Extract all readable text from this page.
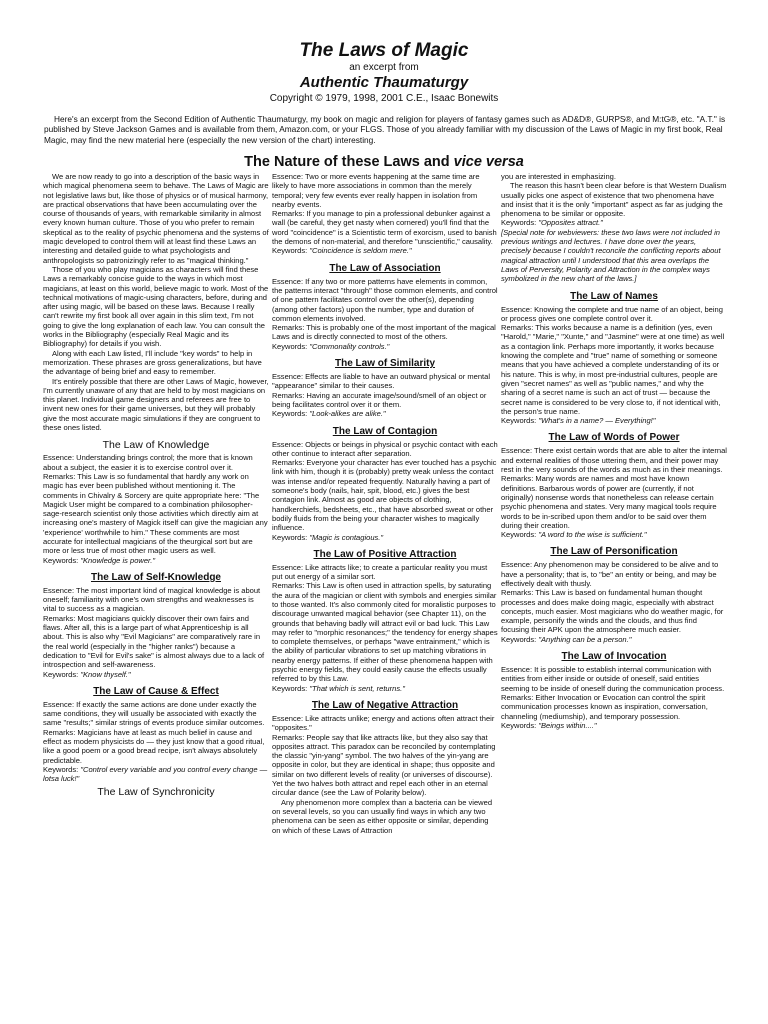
The Laws of Magic
an excerpt from
Authentic Thaumaturgy
Copyright © 1979, 1998, 2001 C.E., Isaac Bonewits

Here's an excerpt from the Second Edition of Authentic Thaumaturgy, my book on magic and religion for players of fantasy games such as AD&D®, GURPS®, and M:tG®, etc. "A.T." is published by Steve Jackson Games and is available from them, Amazon.com, or your FLGS. Those of you already familiar with my discussion of the Laws of Magic in my first book, Real Magic, may find the new material here (especially the new version of the chart) interesting.

The Nature of these Laws and vice versa

We are now ready to go into a description of the basic ways in which magical phenomena seem to behave. The Laws of Magic are not legislative laws but, like those of physics or of musical harmony, are practical observations that have been accumulating over the course of thousands of years, with remarkable similarity in almost every known human culture. Those of you who prefer to remain skeptical as to the reality of psychic phenomena and the systems of magic developed to control them will at least find these Laws an interesting and detailed guide to what psychologists and anthropologists so patronizingly refer to as "magical thinking."

Those of you who play magicians as characters will find these Laws a remarkably concise guide to the ways in which most magicians, at least on this world, believe magic to work. Most of the technical motivations of magic-using characters, before, during and after using magic, will be based on these laws. Because I really can't rewrite my first book all over again in this slim text, I'm not going to give the long explanation of each law. You can consult the works in the Bibliography (especially Real Magic and its Bibliography) for details if you wish.

Along with each Law listed, I'll include "key words" to help in memorization. These phrases are gross generalizations, but have the advantage of being brief and easy to remember.

It's entirely possible that there are other Laws of Magic, however, I'm currently unaware of any that are held to by most magicians on this planet. Individual game designers and referees are free to invent new ones for their game universes, but they will probably give the most accurate magic simulations if they are congruent to these ones listed.

The Law of Knowledge

Essence: Understanding brings control; the more that is known about a subject, the easier it is to exercise control over it.

Remarks: This Law is so fundamental that hardly any work on magic has ever been published without mentioning it. The comments in Chivalry & Sorcery are quite appropriate here: "The Magick User might be compared to a combination philosopher-sage-research scientist only those activities which directly aim at increasing one's mastery of Magick itself can give the magician any 'experience' worthwhile to him." These comments are most accurate for intellectual magicians of the theurgical sort but are more or less true of most other magic users as well.

Keywords: "Knowledge is power."

The Law of Self-Knowledge

Essence: The most important kind of magical knowledge is about oneself; familiarity with one's own strengths and weaknesses is vital to success as a magician.

Remarks: Most magicians quickly discover their own fairs and flaws. After all, this is a large part of what Apprenticeship is all about. This is also why "Evil Magicians" are comparatively rare in the real world (especially in the "higher ranks") because a dedication to "Evil for Evil's sake" is almost always due to a lack of introspection and self-awareness.

Keywords: "Know thyself."

The Law of Cause & Effect

Essence: If exactly the same actions are done under exactly the same conditions, they will usually be associated with exactly the same "results;" similar strings of events produce similar outcomes.

Remarks: Magicians have at least as much belief in cause and effect as modern physicists do — they just know that a good ritual, like a good poem or a good bread recipe, isn't always absolutely predictable.

Keywords: "Control every variable and you control every change — lotsa luck!"

The Law of Synchronicity

Essence: Two or more events happening at the same time are likely to have more associations in common than the merely temporal; very few events ever really happen in isolation from nearby events.

Remarks: If you manage to pin a professional debunker against a wall (be careful, they get nasty when cornered) you'll find that the word "coincidence" is a Scientistic term of exorcism, used to banish the demons of non-material, and therefore "unscientific," causality.

Keywords: "Coincidence is seldom mere."

The Law of Association

Essence: If any two or more patterns have elements in common, the patterns interact "through" those common elements, and control of one pattern facilitates control over the other(s), depending (among other factors) upon the number, type and duration of common elements involved.

Remarks: This is probably one of the most important of the magical Laws and is directly connected to most of the others.

Keywords: "Commonality controls."

The Law of Similarity

Essence: Effects are liable to have an outward physical or mental "appearance" similar to their causes.

Remarks: Having an accurate image/sound/smell of an object or being facilitates control over it or them.

Keywords: "Look-alikes are alike."

The Law of Contagion

Essence: Objects or beings in physical or psychic contact with each other continue to interact after separation.

Remarks: Everyone your character has ever touched has a psychic link with him, though it is (probably) pretty weak unless the contact was intense and/or repeated frequently. Naturally having a part of someone's body (nails, hair, spit, blood, etc.) gives the best contagion link. Almost as good are objects of clothing, handkerchiefs, bedsheets, etc., that have absorbed sweat or other bodily fluids from the being your character wishes to magically influence.

Keywords: "Magic is contagious."

The Law of Positive Attraction

Essence: Like attracts like; to create a particular reality you must put out energy of a similar sort.

Remarks: This Law is often used in attraction spells, by saturating the aura of the magician or client with symbols and energies similar to those wanted. It's also commonly cited for moralistic purposes to discourage unwanted magical behavior (see Chapter 11), on the grounds that behaving badly will attract evil or bad luck. This Law may refer to "morphic resonances;" the tendency for energy shapes to complete themselves, or perhaps "wave entrainment," which is the ability of particular vibrations to set up matching vibrations in nearby energy patterns. If either of these phenomena happen with psychic energy fields, they could easily cause the effects usually referred to by this Law.

Keywords: "That which is sent, returns."

The Law of Negative Attraction

Essence: Like attracts unlike; energy and actions often attract their "opposites."

Remarks: People say that like attracts like, but they also say that opposites attract. This paradox can be reconciled by contemplating the classic "yin-yang" symbol. The two halves of the yin-yang are opposite in color, but they are identical in shape; thus opposite and similar on two different levels of reality (or universes of discourse). Yet the two halves both attract and repel each other in an eternal circular dance (see the Law of Polarity below).

Any phenomenon more complex than a bacteria can be viewed on several levels, so you can usually find ways in which any two phenomena can be seen as either opposite or similar, depending on which of these Laws of Attraction

you are interested in emphasizing.

The reason this hasn't been clear before is that Western Dualism usually picks one aspect of existence that two phenomena have and insist that it is the only "important" aspect as far as judging the phenomena to be similar or opposite.

Keywords: "Opposites attract."

[Special note for webviewers: these two laws were not included in previous writings and lectures. I have done over the years, precisely because I couldn't reconcile the conflicting reports about magical attraction until I understood that this area overlaps the Laws of Perversity, Polarity and Attraction in the complex ways symbolized in the new chart of the laws.]

The Law of Names

Essence: Knowing the complete and true name of an object, being or process gives one complete control over it.

Remarks: This works because a name is a definition (yes, even "Harold," "Marie," "Xunte," and "Jasmine" were at one time) as well as a contagion link. Perhaps more importantly, it works because knowing the complete and "true" name of something or someone means that you have achieved a complete understanding of its or his nature. This is why, in most pre-industrial cultures, people are given "secret names" as well as "public names," and why the sharing of a secret name is such an act of trust — because the secret name is considered to be very close to, if not identical with, the person's true name.

Keywords: "What's in a name? — Everything!"

The Law of Words of Power

Essence: There exist certain words that are able to alter the internal and external realities of those uttering them, and their power may rest in the very sounds of the words as much as in their meanings.

Remarks: Many words are names and most have known definitions. Barbarous words of power are (currently, if not originally) nonsense words that nonetheless can release certain psychic phenomena and states. Very many magical tools require words to be in-scribed upon them and/or to be said over them during their creation.

Keywords: "A word to the wise is sufficient."

The Law of Personification

Essence: Any phenomenon may be considered to be alive and to have a personality; that is, to "be" an entity or being, and may be effectively dealt with thusly.

Remarks: This Law is based on fundamental human thought processes and does make doing magic, especially with abstract concepts, much easier. Most magicians who do weather magic, for example, personify the winds and the clouds, and thus find focusing their APK upon the atmosphere much easier.

Keywords: "Anything can be a person."

The Law of Invocation

Essence: It is possible to establish internal communication with entities from either inside or outside of oneself, said entities seeming to be inside of oneself during the communication process.

Remarks: Either Invocation or Evocation can control the spirit communication processes known as inspiration, conversation, channeling (mediumship), and temporary possession.

Keywords: "Beings within...."
